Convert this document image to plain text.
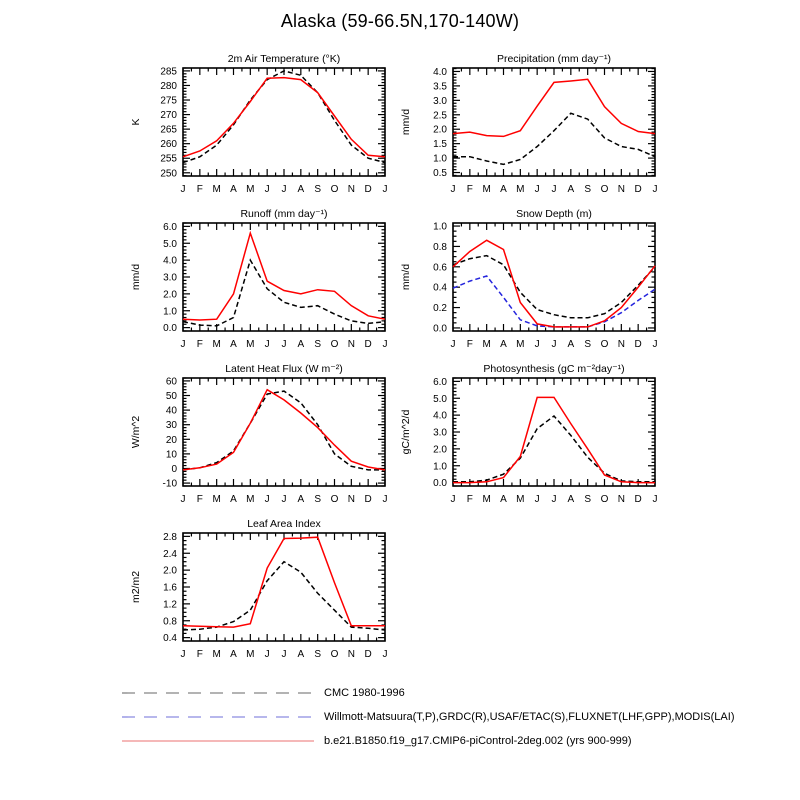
Alaska (59-66.5N,170-140W)
250
255
260
265
270
275
280
285
J F M A M J J A S O N D J
2m Air Temperature (°K)
K
0.5
1.0
1.5
2.0
2.5
3.0
3.5
4.0
J F M A M J J A S O N D J
Precipitation (mm day⁻¹)
mm/d
0.0
1.0
2.0
3.0
4.0
5.0
6.0
J F M A M J J A S O N D J
Runoff (mm day⁻¹)
mm/d
0.0
0.2
0.4
0.6
0.8
1.0
J F M A M J J A S O N D J
Snow Depth (m)
mm/d
-10
0
10
20
30
40
50
60
J F M A M J J A S O N D J
Latent Heat Flux (W m⁻²)
W/m^2
0.0
1.0
2.0
3.0
4.0
5.0
6.0
J F M A M J J A S O N D J
Photosynthesis (gC m⁻²day⁻¹)
gC/m^2/d
0.4
0.8
1.2
1.6
2.0
2.4
2.8
J F M A M J J A S O N D J
Leaf Area Index
m2/m2
CMC 1980-1996
Willmott-Matsuura(T,P),GRDC(R),USAF/ETAC(S),FLUXNET(LHF,GPP),MODIS(LAI)
b.e21.B1850.f19_g17.CMIP6-piControl-2deg.002 (yrs 900-999)
